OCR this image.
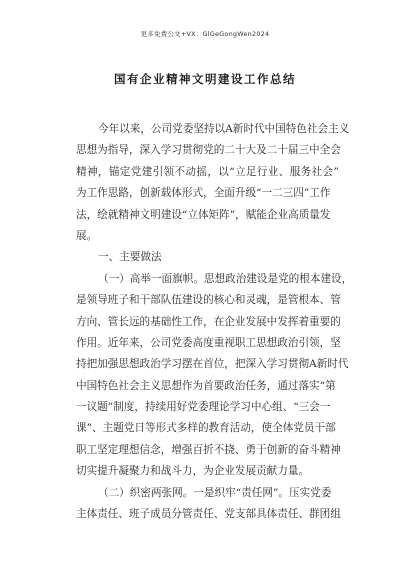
更多免费公文+VX：GlGeGongWen2024
国有企业精神文明建设工作总结
今年以来，公司党委坚持以A新时代中国特色社会主义
思想为指导，深入学习贯彻党的二十大及二十届三中全会
精神，锚定党建引领不动摇，以“立足行业、服务社会”
为工作思路，创新载体形式，全面升级“一二三四”工作
法，绘就精神文明建设“立体矩阵”，赋能企业高质量发
展。
一、主要做法
（一）高举一面旗帜。思想政治建设是党的根本建设，
是领导班子和干部队伍建设的核心和灵魂，是管根本、管
方向、管长远的基础性工作，在企业发展中发挥着重要的
作用。近年来，公司党委高度重视职工思想政治引领，坚
持把加强思想政治学习摆在首位，把深入学习贯彻A新时代
中国特色社会主义思想作为首要政治任务，通过落实“第
一议题”制度，持续用好党委理论学习中心组、“三会一
课”、主题党日等形式多样的教育活动，使全体党员干部
职工坚定理想信念，增强百折不挠、勇于创新的奋斗精神
切实提升凝聚力和战斗力，为企业发展贡献力量。
（二）织密两张网。一是织牢“责任网”。压实党委
主体责任、班子成员分管责任、党支部具体责任、群团组
